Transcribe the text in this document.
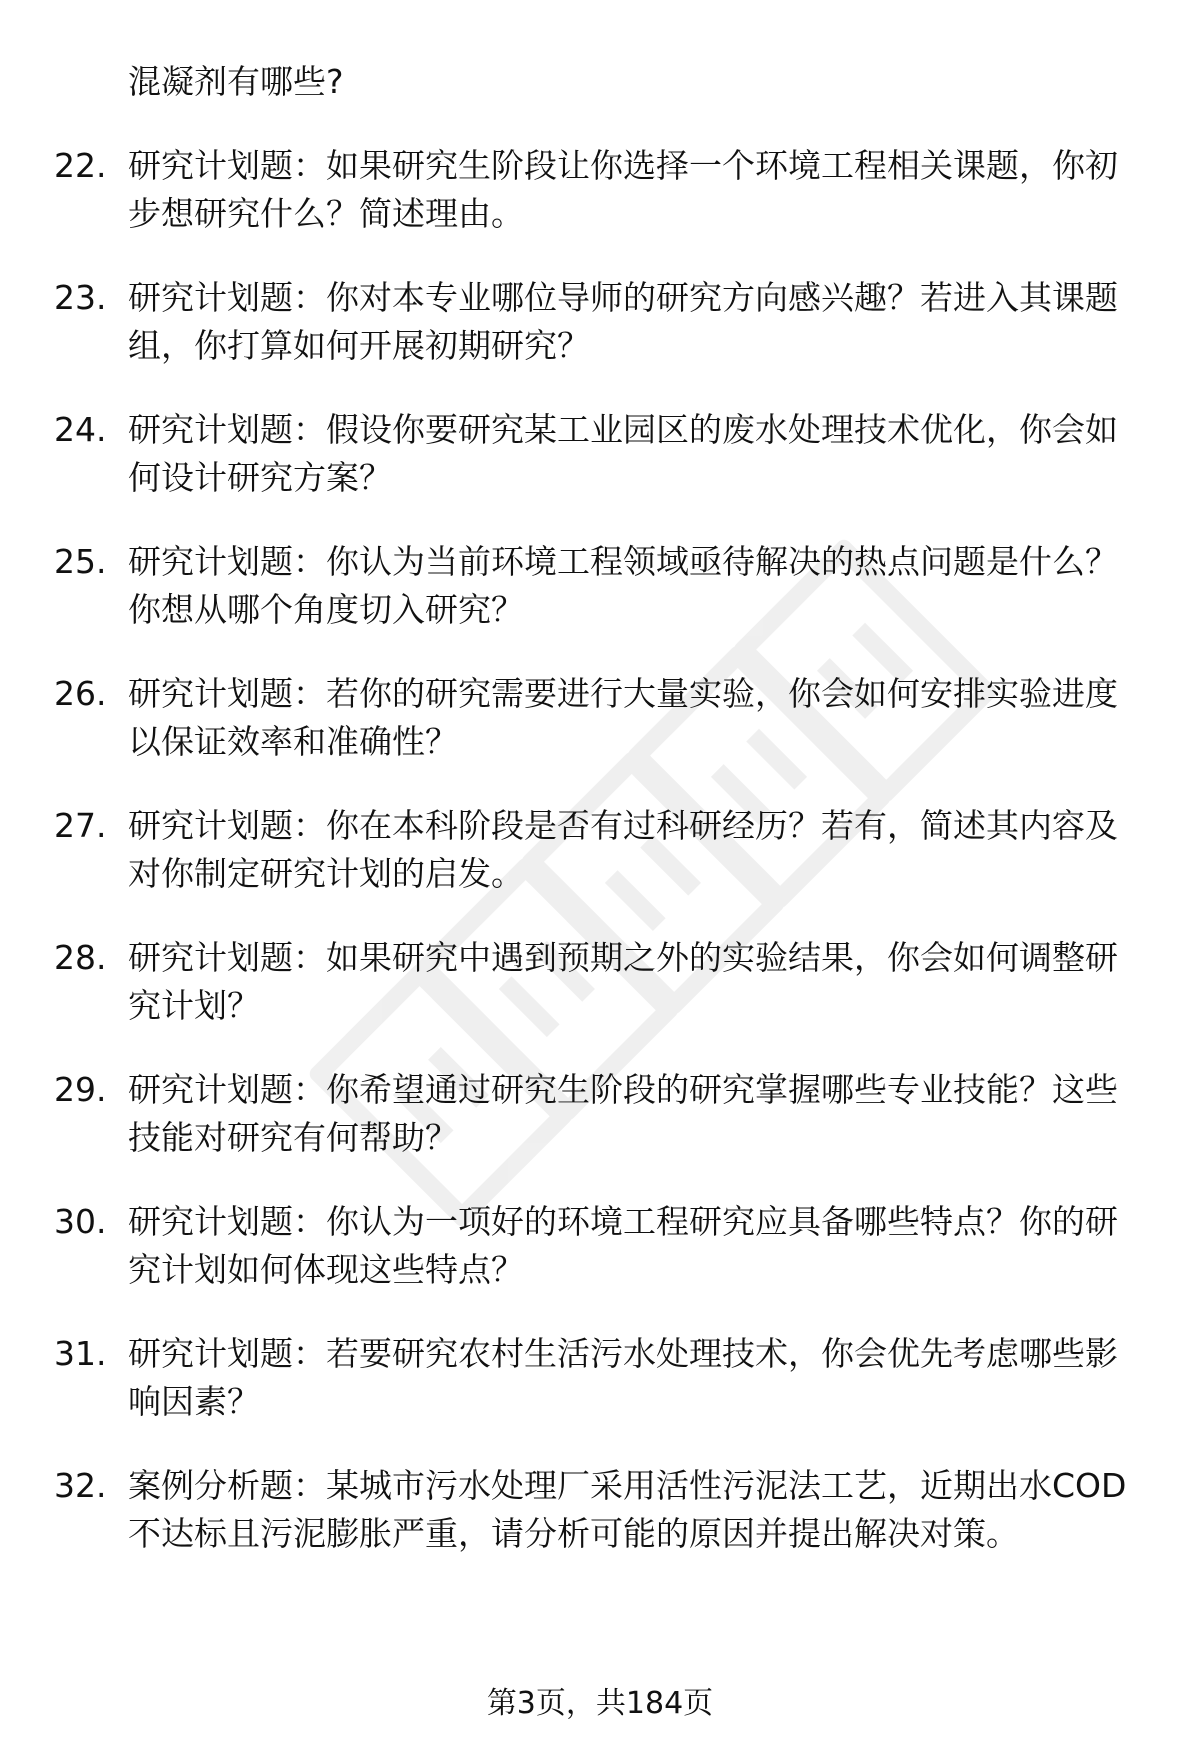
混凝剂有哪些?
22. 研究计划题：如果研究生阶段让你选择一个环境工程相关课题，你初步想研究什么？简述理由。
23. 研究计划题：你对本专业哪位导师的研究方向感兴趣？若进入其课题组，你打算如何开展初期研究？
24. 研究计划题：假设你要研究某工业园区的废水处理技术优化，你会如何设计研究方案？
25. 研究计划题：你认为当前环境工程领域亟待解决的热点问题是什么？你想从哪个角度切入研究？
26. 研究计划题：若你的研究需要进行大量实验，你会如何安排实验进度以保证效率和准确性？
27. 研究计划题：你在本科阶段是否有过科研经历？若有，简述其内容及对你制定研究计划的启发。
28. 研究计划题：如果研究中遇到预期之外的实验结果，你会如何调整研究计划？
29. 研究计划题：你希望通过研究生阶段的研究掌握哪些专业技能？这些技能对研究有何帮助？
30. 研究计划题：你认为一项好的环境工程研究应具备哪些特点？你的研究计划如何体现这些特点？
31. 研究计划题：若要研究农村生活污水处理技术，你会优先考虑哪些影响因素？
32. 案例分析题：某城市污水处理厂采用活性污泥法工艺，近期出水COD不达标且污泥膨胀严重，请分析可能的原因并提出解决对策。
第3页，共184页
